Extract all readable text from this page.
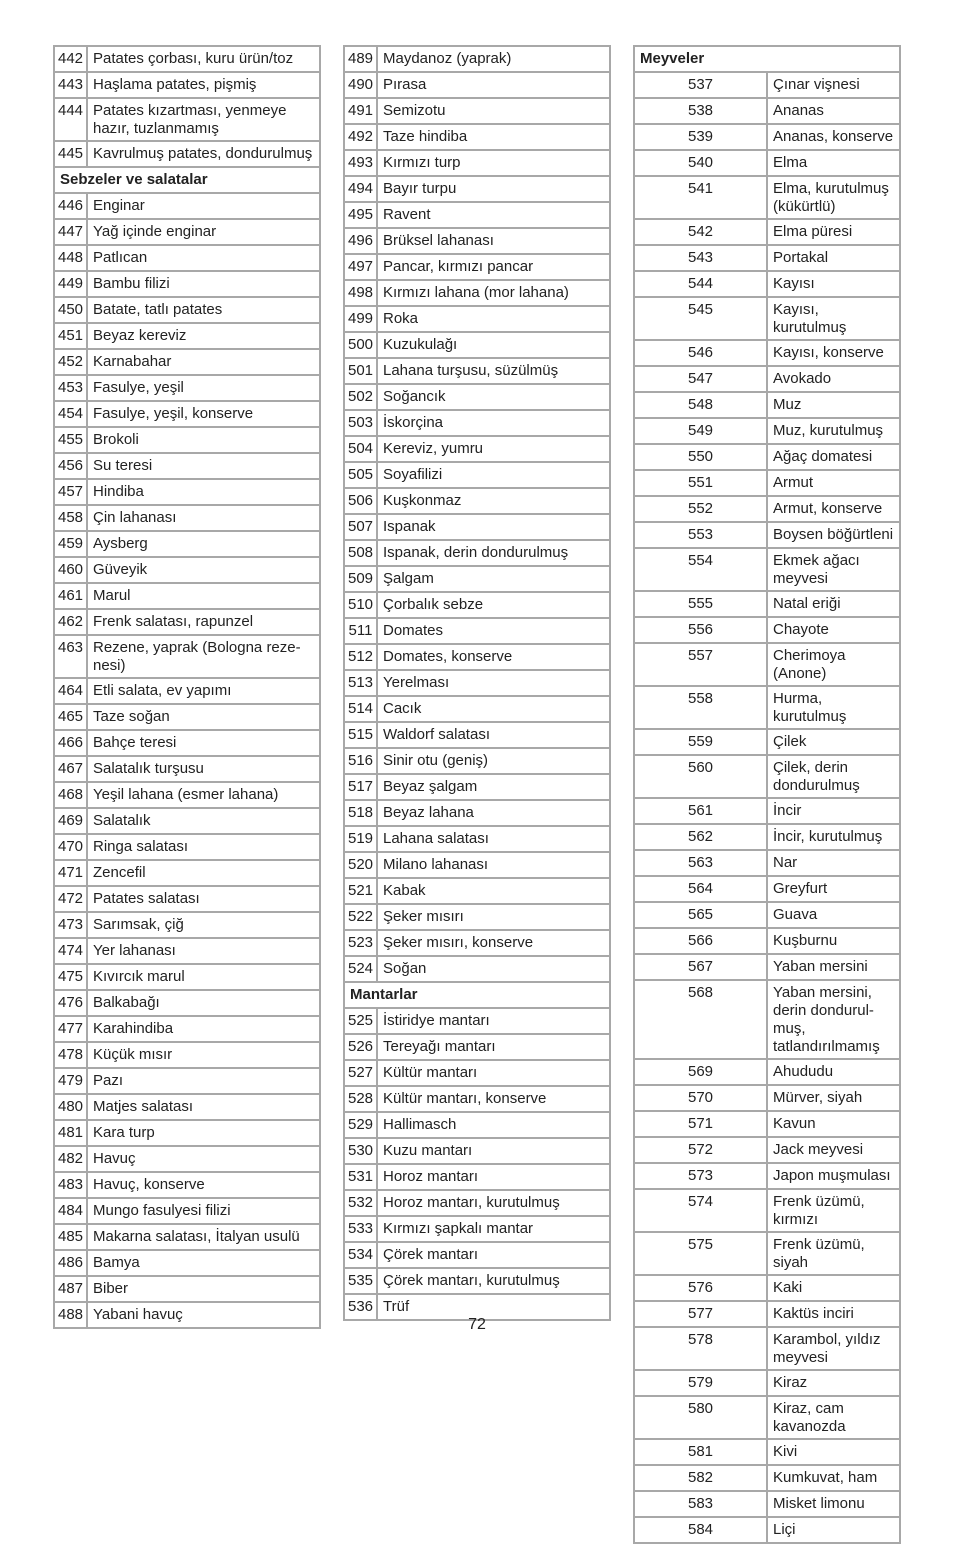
442	Patates çorbası, kuru ürün/toz
443	Haşlama patates, pişmiş
444	Patates kızartması, yenmeye hazır, tuzlanmamış
445	Kavrulmuş patates, dondurulmuş
Sebzeler ve salatalar	
446	Enginar
447	Yağ içinde enginar
448	Patlıcan
449	Bambu filizi
450	Batate, tatlı patates
451	Beyaz kereviz
452	Karnabahar
453	Fasulye, yeşil
454	Fasulye, yeşil, konserve
455	Brokoli
456	Su teresi
457	Hindiba
458	Çin lahanası
459	Aysberg
460	Güveyik
461	Marul
462	Frenk salatası, rapunzel
463	Rezene, yaprak (Bologna reze-nesi)
464	Etli salata, ev yapımı
465	Taze soğan
466	Bahçe teresi
467	Salatalık turşusu
468	Yeşil lahana (esmer lahana)
469	Salatalık
470	Ringa salatası
471	Zencefil
472	Patates salatası
473	Sarımsak, çiğ
474	Yer lahanası
475	Kıvırcık marul
476	Balkabağı
477	Karahindiba
478	Küçük mısır
479	Pazı
480	Matjes salatası
481	Kara turp
482	Havuç
483	Havuç, konserve
484	Mungo fasulyesi filizi
485	Makarna salatası, İtalyan usulü
486	Bamya
487	Biber
488	Yabani havuç
489	Maydanoz (yaprak)
490	Pırasa
491	Semizotu
492	Taze hindiba
493	Kırmızı turp
494	Bayır turpu
495	Ravent
496	Brüksel lahanası
497	Pancar, kırmızı pancar
498	Kırmızı lahana (mor lahana)
499	Roka
500	Kuzukulağı
501	Lahana turşusu, süzülmüş
502	Soğancık
503	İskorçina
504	Kereviz, yumru
505	Soyafilizi
506	Kuşkonmaz
507	Ispanak
508	Ispanak, derin dondurulmuş
509	Şalgam
510	Çorbalık sebze
511	Domates
512	Domates, konserve
513	Yerelması
514	Cacık
515	Waldorf salatası
516	Sinir otu (geniş)
517	Beyaz şalgam
518	Beyaz lahana
519	Lahana salatası
520	Milano lahanası
521	Kabak
522	Şeker mısırı
523	Şeker mısırı, konserve
524	Soğan
Mantarlar	
525	İstiridye mantarı
526	Tereyağı mantarı
527	Kültür mantarı
528	Kültür mantarı, konserve
529	Hallimasch
530	Kuzu mantarı
531	Horoz mantarı
532	Horoz mantarı, kurutulmuş
533	Kırmızı şapkalı mantar
534	Çörek mantarı
535	Çörek mantarı, kurutulmuş
536	Trüf
Meyveler	
537	Çınar vişnesi
538	Ananas
539	Ananas, konserve
540	Elma
541	Elma, kurutulmuş (kükürtlü)
542	Elma püresi
543	Portakal
544	Kayısı
545	Kayısı, kurutulmuş
546	Kayısı, konserve
547	Avokado
548	Muz
549	Muz, kurutulmuş
550	Ağaç domatesi
551	Armut
552	Armut, konserve
553	Boysen böğürtleni
554	Ekmek ağacı meyvesi
555	Natal eriği
556	Chayote
557	Cherimoya (Anone)
558	Hurma, kurutulmuş
559	Çilek
560	Çilek, derin dondurulmuş
561	İncir
562	İncir, kurutulmuş
563	Nar
564	Greyfurt
565	Guava
566	Kuşburnu
567	Yaban mersini
568	Yaban mersini, derin dondurul-muş, tatlandırılmamış
569	Ahududu
570	Mürver, siyah
571	Kavun
572	Jack meyvesi
573	Japon muşmulası
574	Frenk üzümü, kırmızı
575	Frenk üzümü, siyah
576	Kaki
577	Kaktüs inciri
578	Karambol, yıldız meyvesi
579	Kiraz
580	Kiraz, cam kavanozda
581	Kivi
582	Kumkuvat, ham
583	Misket limonu
584	Liçi
72
